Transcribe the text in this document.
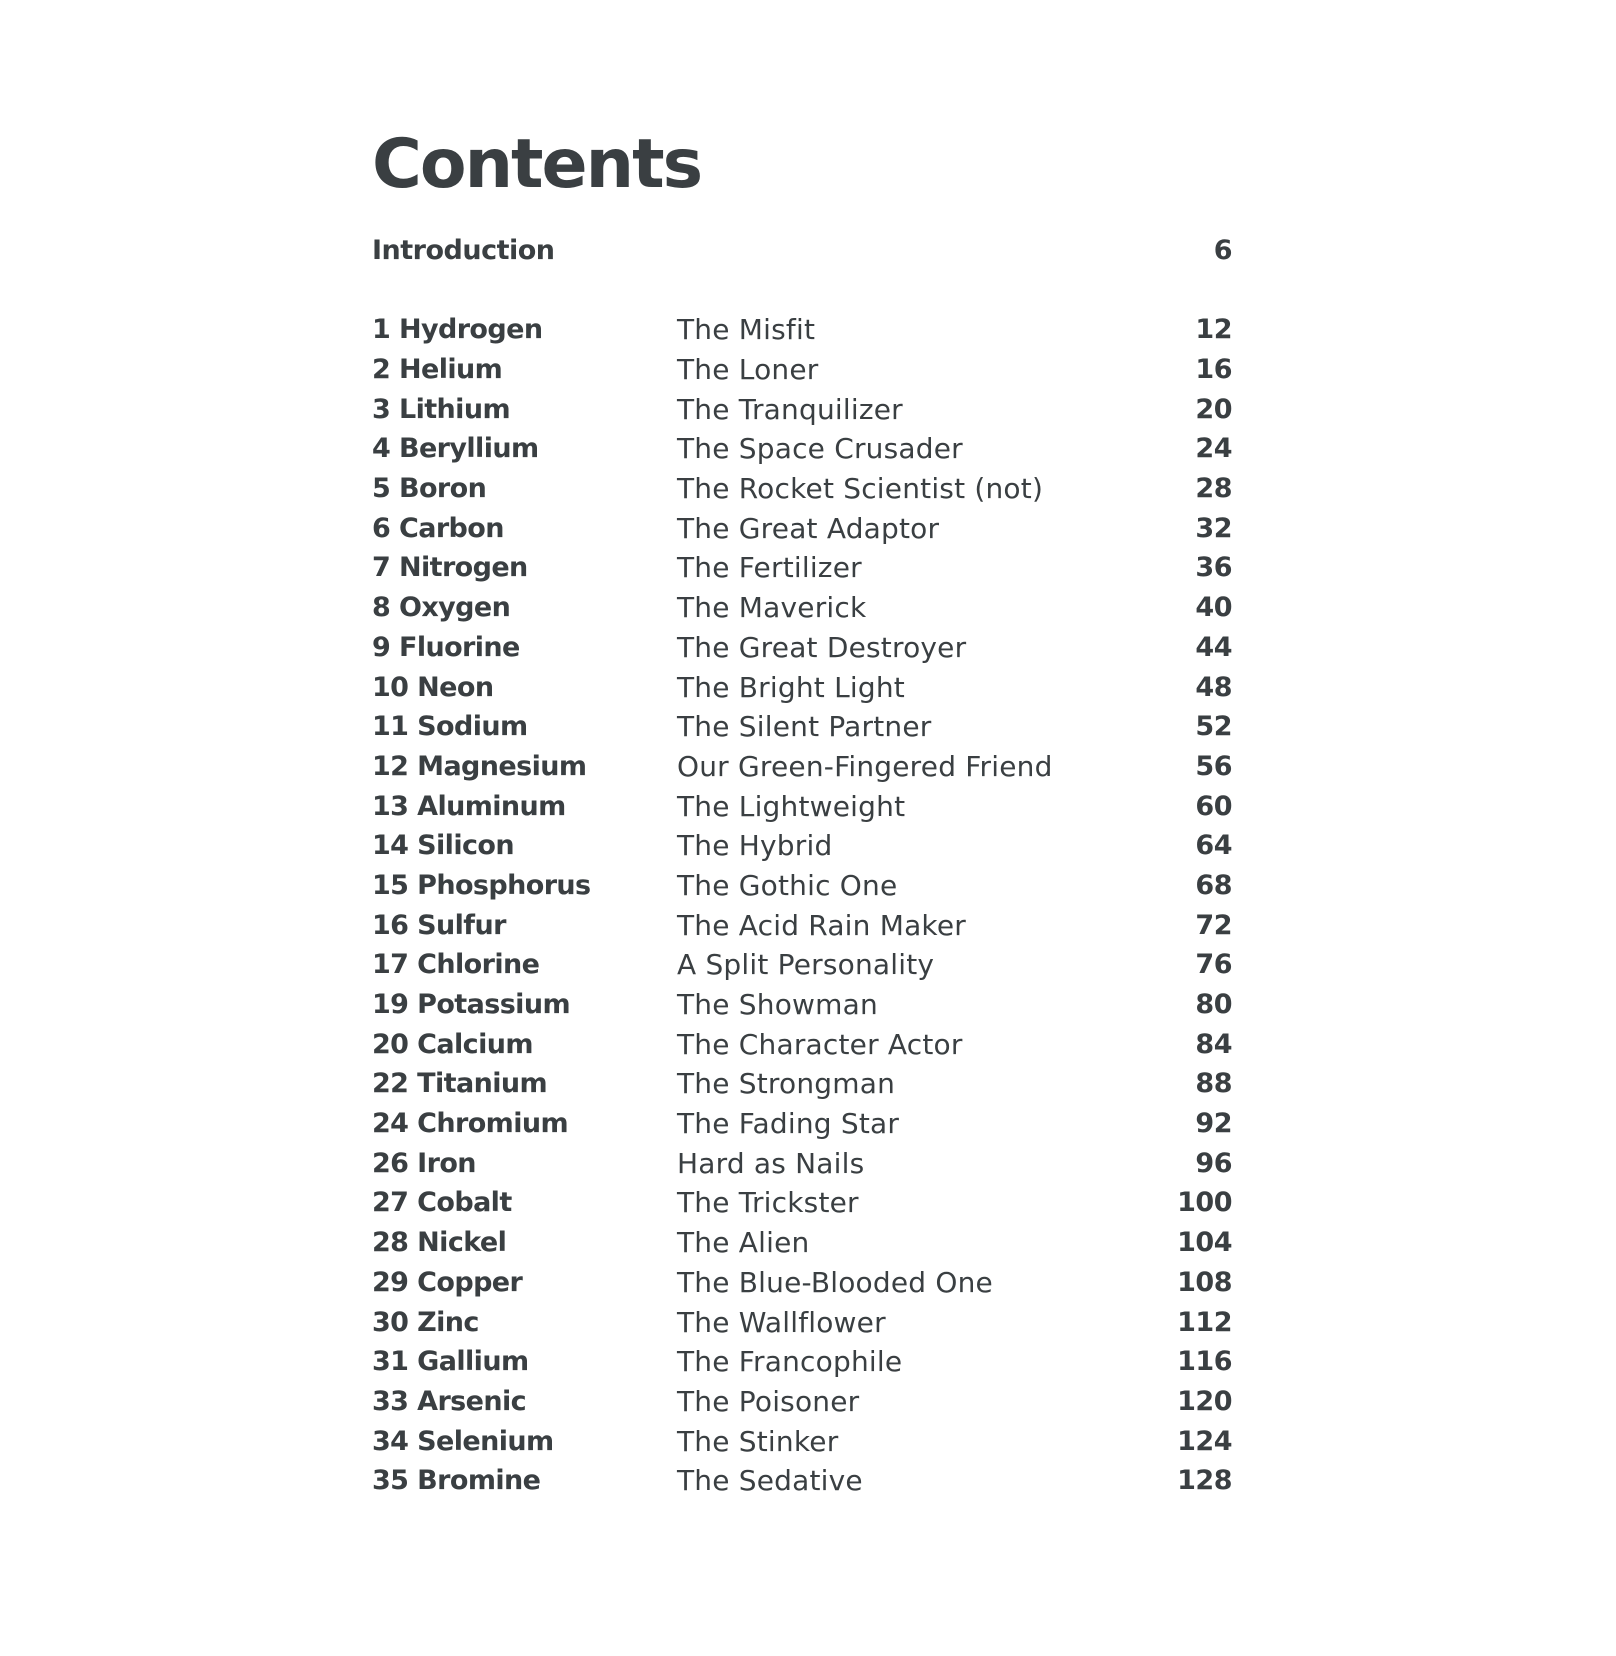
Contents
Introduction	6
1 Hydrogen	The Misfit	12
2 Helium	The Loner	16
3 Lithium	The Tranquilizer	20
4 Beryllium	The Space Crusader	24
5 Boron	The Rocket Scientist (not)	28
6 Carbon	The Great Adaptor	32
7 Nitrogen	The Fertilizer	36
8 Oxygen	The Maverick	40
9 Fluorine	The Great Destroyer	44
10 Neon	The Bright Light	48
11 Sodium	The Silent Partner	52
12 Magnesium	Our Green-Fingered Friend	56
13 Aluminum	The Lightweight	60
14 Silicon	The Hybrid	64
15 Phosphorus	The Gothic One	68
16 Sulfur	The Acid Rain Maker	72
17 Chlorine	A Split Personality	76
19 Potassium	The Showman	80
20 Calcium	The Character Actor	84
22 Titanium	The Strongman	88
24 Chromium	The Fading Star	92
26 Iron	Hard as Nails	96
27 Cobalt	The Trickster	100
28 Nickel	The Alien	104
29 Copper	The Blue-Blooded One	108
30 Zinc	The Wallflower	112
31 Gallium	The Francophile	116
33 Arsenic	The Poisoner	120
34 Selenium	The Stinker	124
35 Bromine	The Sedative	128
